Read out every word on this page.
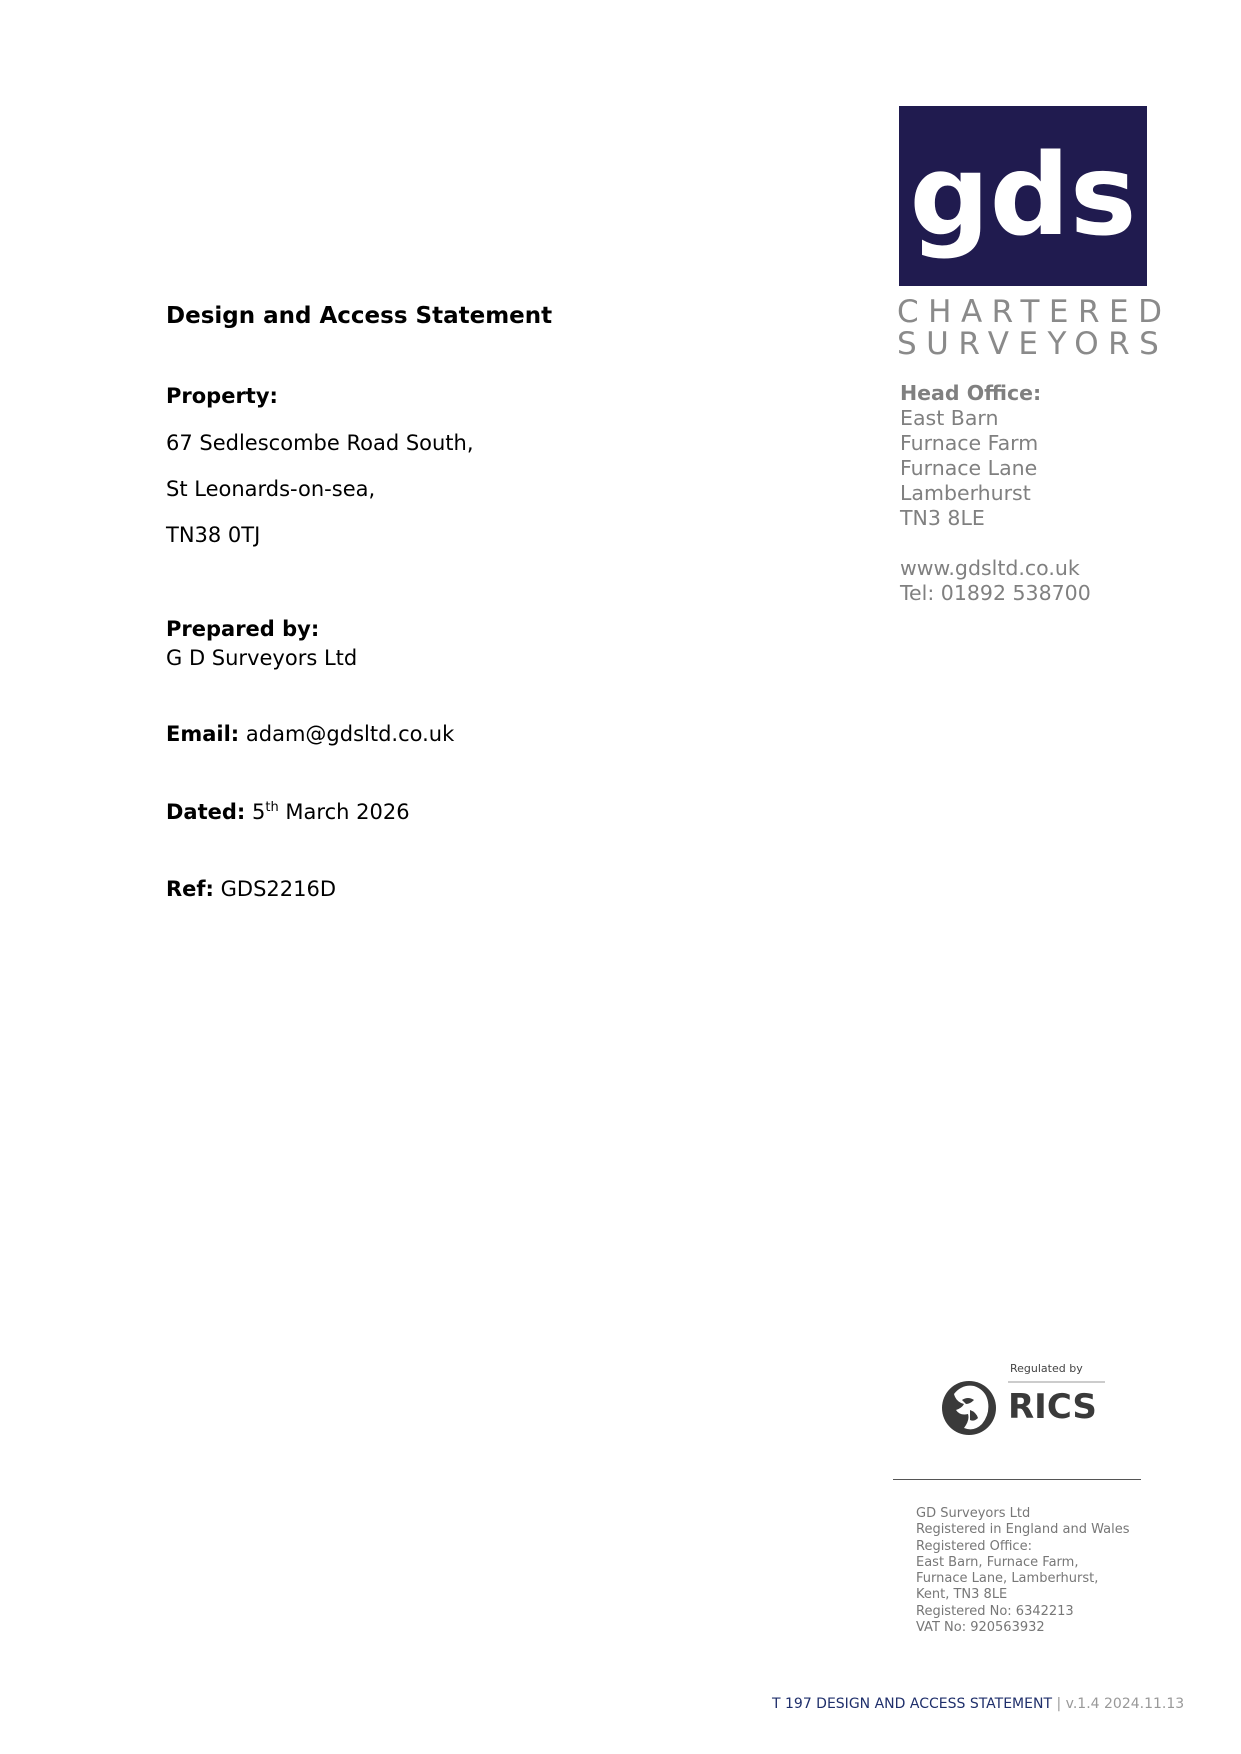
Design and Access Statement
Property:
67 Sedlescombe Road South,
St Leonards-on-sea,
TN38 0TJ
Prepared by:
G D Surveyors Ltd
Email: adam@gdsltd.co.uk
Dated: 5th March 2026
Ref: GDS2216D
gds
CHARTERED
SURVEYORS
Head Office:
East Barn
Furnace Farm
Furnace Lane
Lamberhurst
TN3 8LE
www.gdsltd.co.uk
Tel: 01892 538700
Regulated by
RICS
GD Surveyors Ltd
Registered in England and Wales
Registered Office:
East Barn, Furnace Farm,
Furnace Lane, Lamberhurst,
Kent, TN3 8LE
Registered No: 6342213
VAT No: 920563932
T 197 DESIGN AND ACCESS STATEMENT | v.1.4 2024.11.13
